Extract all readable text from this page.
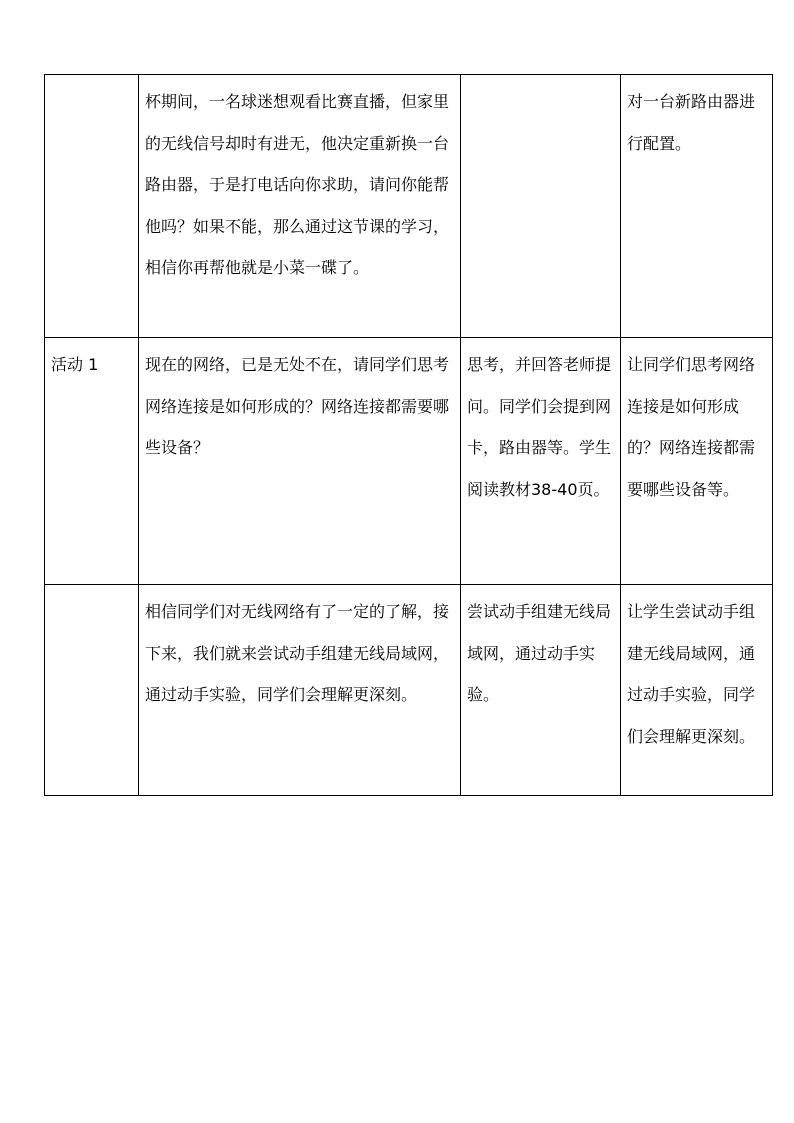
	杯期间，一名球迷想观看比赛直播，但家里的无线信号却时有进无，他决定重新换一台路由器，于是打电话向你求助，请问你能帮他吗？如果不能，那么通过这节课的学习，相信你再帮他就是小菜一碟了。		对一台新路由器进行配置。
活动 1	现在的网络，已是无处不在，请同学们思考网络连接是如何形成的？网络连接都需要哪些设备？	思考，并回答老师提问。同学们会提到网卡，路由器等。学生阅读教材38-40页。	让同学们思考网络连接是如何形成的？网络连接都需要哪些设备等。
	相信同学们对无线网络有了一定的了解，接下来，我们就来尝试动手组建无线局域网，通过动手实验，同学们会理解更深刻。	尝试动手组建无线局域网，通过动手实验。	让学生尝试动手组建无线局域网，通过动手实验，同学们会理解更深刻。
